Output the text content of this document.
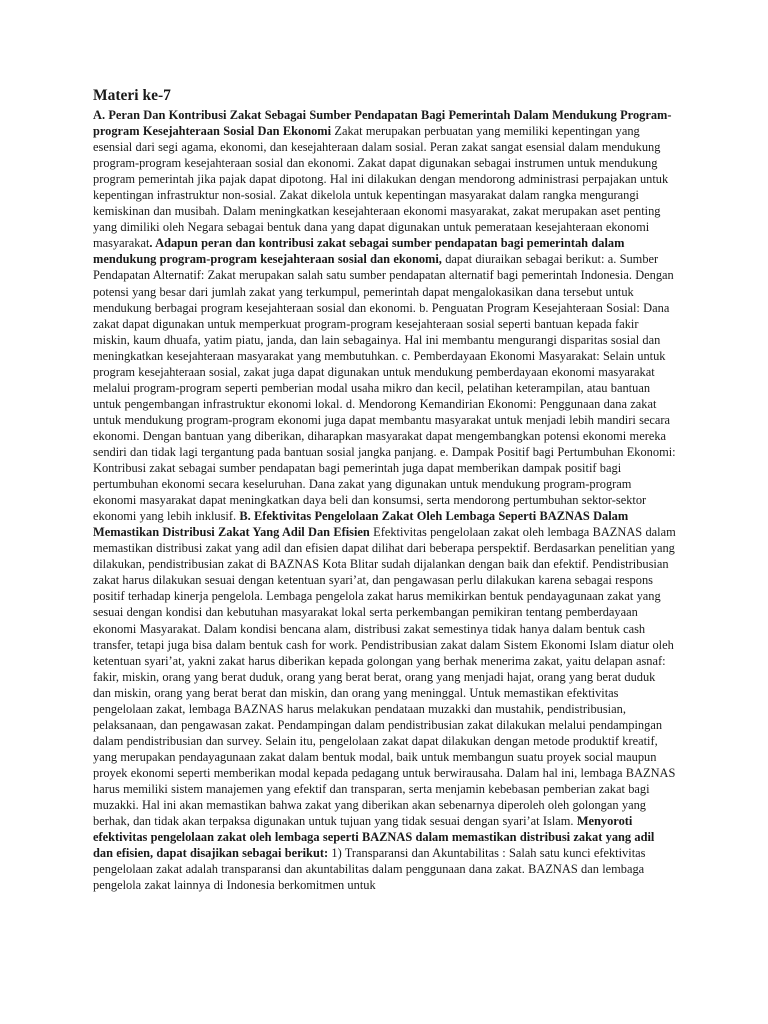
Materi ke-7

A. Peran Dan Kontribusi Zakat Sebagai Sumber Pendapatan Bagi Pemerintah Dalam Mendukung Program-program Kesejahteraan Sosial Dan Ekonomi Zakat merupakan perbuatan yang memiliki kepentingan yang esensial dari segi agama, ekonomi, dan kesejahteraan dalam sosial. Peran zakat sangat esensial dalam mendukung program-program kesejahteraan sosial dan ekonomi. Zakat dapat digunakan sebagai instrumen untuk mendukung program pemerintah jika pajak dapat dipotong. Hal ini dilakukan dengan mendorong administrasi perpajakan untuk kepentingan infrastruktur non-sosial. Zakat dikelola untuk kepentingan masyarakat dalam rangka mengurangi kemiskinan dan musibah. Dalam meningkatkan kesejahteraan ekonomi masyarakat, zakat merupakan aset penting yang dimiliki oleh Negara sebagai bentuk dana yang dapat digunakan untuk pemerataan kesejahteraan ekonomi masyarakat. Adapun peran dan kontribusi zakat sebagai sumber pendapatan bagi pemerintah dalam mendukung program-program kesejahteraan sosial dan ekonomi, dapat diuraikan sebagai berikut: a. Sumber Pendapatan Alternatif: Zakat merupakan salah satu sumber pendapatan alternatif bagi pemerintah Indonesia. Dengan potensi yang besar dari jumlah zakat yang terkumpul, pemerintah dapat mengalokasikan dana tersebut untuk mendukung berbagai program kesejahteraan sosial dan ekonomi. b. Penguatan Program Kesejahteraan Sosial: Dana zakat dapat digunakan untuk memperkuat program-program kesejahteraan sosial seperti bantuan kepada fakir miskin, kaum dhuafa, yatim piatu, janda, dan lain sebagainya. Hal ini membantu mengurangi disparitas sosial dan meningkatkan kesejahteraan masyarakat yang membutuhkan. c. Pemberdayaan Ekonomi Masyarakat: Selain untuk program kesejahteraan sosial, zakat juga dapat digunakan untuk mendukung pemberdayaan ekonomi masyarakat melalui program-program seperti pemberian modal usaha mikro dan kecil, pelatihan keterampilan, atau bantuan untuk pengembangan infrastruktur ekonomi lokal. d. Mendorong Kemandirian Ekonomi: Penggunaan dana zakat untuk mendukung program-program ekonomi juga dapat membantu masyarakat untuk menjadi lebih mandiri secara ekonomi. Dengan bantuan yang diberikan, diharapkan masyarakat dapat mengembangkan potensi ekonomi mereka sendiri dan tidak lagi tergantung pada bantuan sosial jangka panjang. e. Dampak Positif bagi Pertumbuhan Ekonomi: Kontribusi zakat sebagai sumber pendapatan bagi pemerintah juga dapat memberikan dampak positif bagi pertumbuhan ekonomi secara keseluruhan. Dana zakat yang digunakan untuk mendukung program-program ekonomi masyarakat dapat meningkatkan daya beli dan konsumsi, serta mendorong pertumbuhan sektor-sektor ekonomi yang lebih inklusif. B. Efektivitas Pengelolaan Zakat Oleh Lembaga Seperti BAZNAS Dalam Memastikan Distribusi Zakat Yang Adil Dan Efisien Efektivitas pengelolaan zakat oleh lembaga BAZNAS dalam memastikan distribusi zakat yang adil dan efisien dapat dilihat dari beberapa perspektif. Berdasarkan penelitian yang dilakukan, pendistribusian zakat di BAZNAS Kota Blitar sudah dijalankan dengan baik dan efektif. Pendistribusian zakat harus dilakukan sesuai dengan ketentuan syari’at, dan pengawasan perlu dilakukan karena sebagai respons positif terhadap kinerja pengelola. Lembaga pengelola zakat harus memikirkan bentuk pendayagunaan zakat yang sesuai dengan kondisi dan kebutuhan masyarakat lokal serta perkembangan pemikiran tentang pemberdayaan ekonomi Masyarakat. Dalam kondisi bencana alam, distribusi zakat semestinya tidak hanya dalam bentuk cash transfer, tetapi juga bisa dalam bentuk cash for work. Pendistribusian zakat dalam Sistem Ekonomi Islam diatur oleh ketentuan syari’at, yakni zakat harus diberikan kepada golongan yang berhak menerima zakat, yaitu delapan asnaf: fakir, miskin, orang yang berat duduk, orang yang berat berat, orang yang menjadi hajat, orang yang berat duduk dan miskin, orang yang berat berat dan miskin, dan orang yang meninggal. Untuk memastikan efektivitas pengelolaan zakat, lembaga BAZNAS harus melakukan pendataan muzakki dan mustahik, pendistribusian, pelaksanaan, dan pengawasan zakat. Pendampingan dalam pendistribusian zakat dilakukan melalui pendampingan dalam pendistribusian dan survey. Selain itu, pengelolaan zakat dapat dilakukan dengan metode produktif kreatif, yang merupakan pendayagunaan zakat dalam bentuk modal, baik untuk membangun suatu proyek social maupun proyek ekonomi seperti memberikan modal kepada pedagang untuk berwirausaha. Dalam hal ini, lembaga BAZNAS harus memiliki sistem manajemen yang efektif dan transparan, serta menjamin kebebasan pemberian zakat bagi muzakki. Hal ini akan memastikan bahwa zakat yang diberikan akan sebenarnya diperoleh oleh golongan yang berhak, dan tidak akan terpaksa digunakan untuk tujuan yang tidak sesuai dengan syari’at Islam. Menyoroti efektivitas pengelolaan zakat oleh lembaga seperti BAZNAS dalam memastikan distribusi zakat yang adil dan efisien, dapat disajikan sebagai berikut: 1) Transparansi dan Akuntabilitas : Salah satu kunci efektivitas pengelolaan zakat adalah transparansi dan akuntabilitas dalam penggunaan dana zakat. BAZNAS dan lembaga pengelola zakat lainnya di Indonesia berkomitmen untuk
